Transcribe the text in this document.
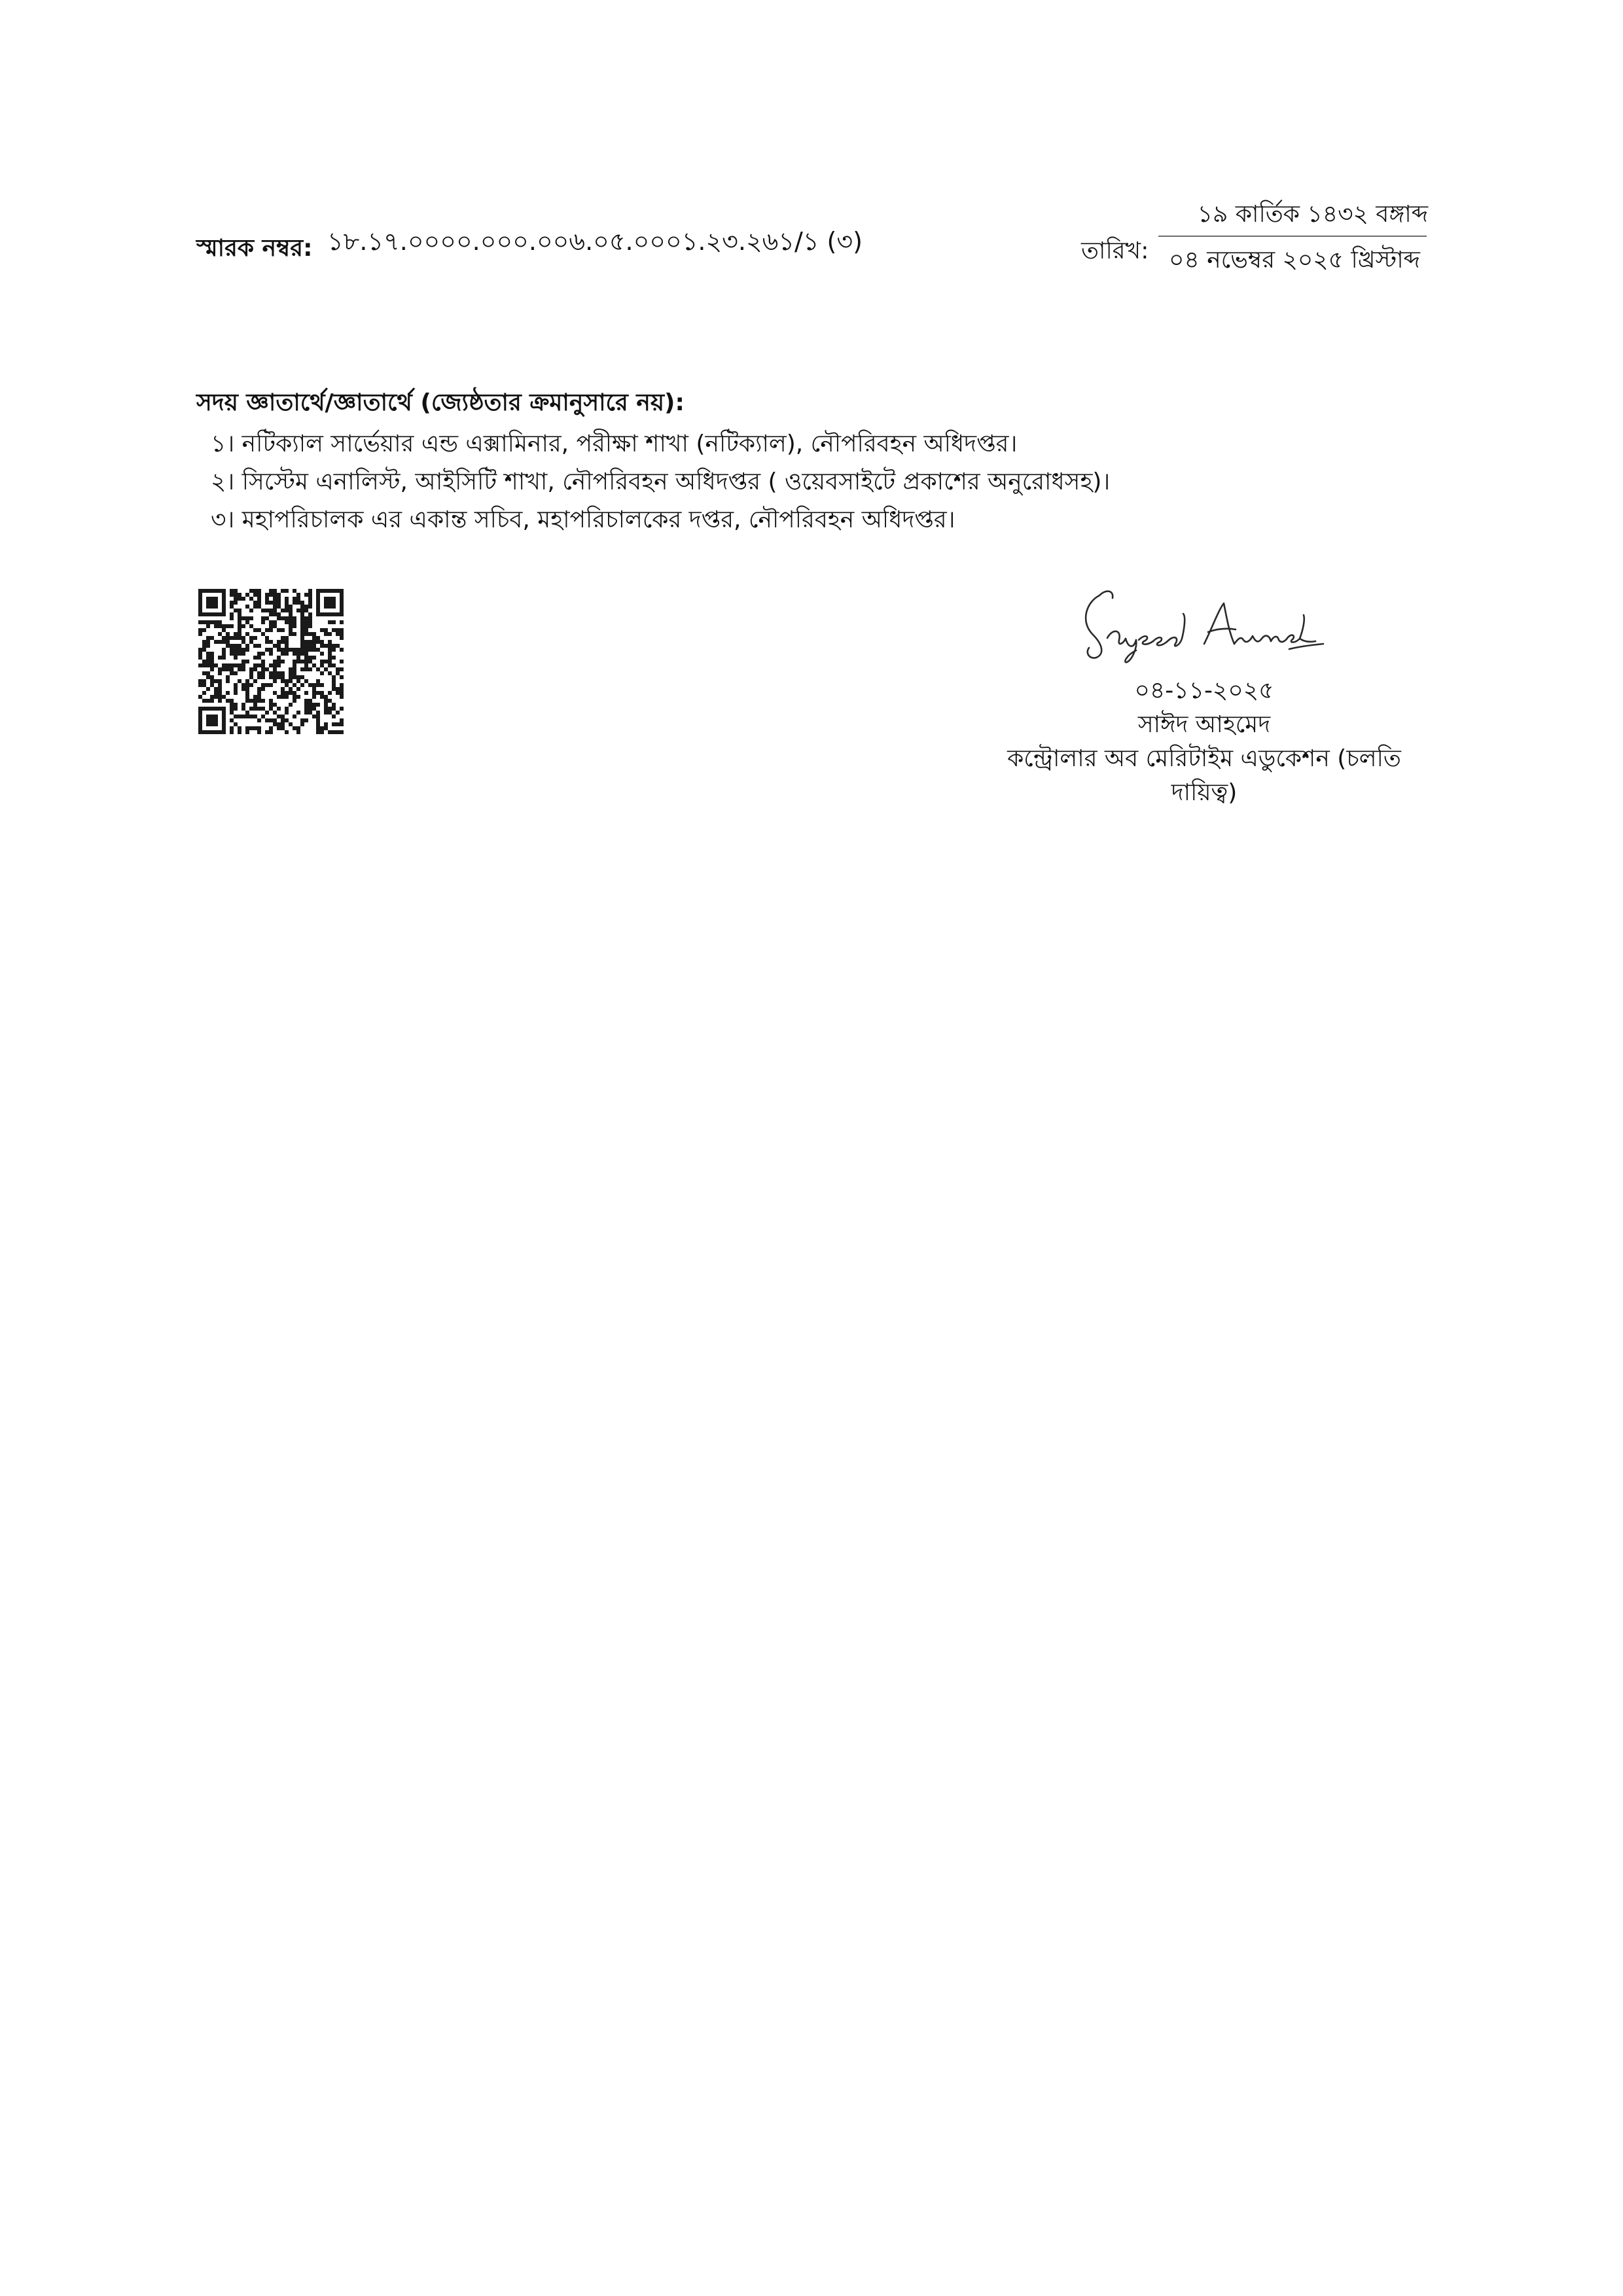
স্মারক নম্বর: ১৮.১৭.০০০০.০০০.০০৬.০৫.০০০১.২৩.২৬১/১ (৩)
১৯ কার্তিক ১৪৩২ বঙ্গাব্দ
তারিখ: ০৪ নভেম্বর ২০২৫ খ্রিস্টাব্দ
সদয় জ্ঞাতার্থে/জ্ঞাতার্থে (জ্যেষ্ঠতার ক্রমানুসারে নয়):
১। নটিক্যাল সার্ভেয়ার এন্ড এক্সামিনার, পরীক্ষা শাখা (নটিক্যাল), নৌপরিবহন অধিদপ্তর।
২। সিস্টেম এনালিস্ট, আইসিটি শাখা, নৌপরিবহন অধিদপ্তর ( ওয়েবসাইটে প্রকাশের অনুরোধসহ)।
৩। মহাপরিচালক এর একান্ত সচিব, মহাপরিচালকের দপ্তর, নৌপরিবহন অধিদপ্তর।
০৪-১১-২০২৫
সাঈদ আহমেদ
কন্ট্রোলার অব মেরিটাইম এডুকেশন (চলতি
দায়িত্ব)
